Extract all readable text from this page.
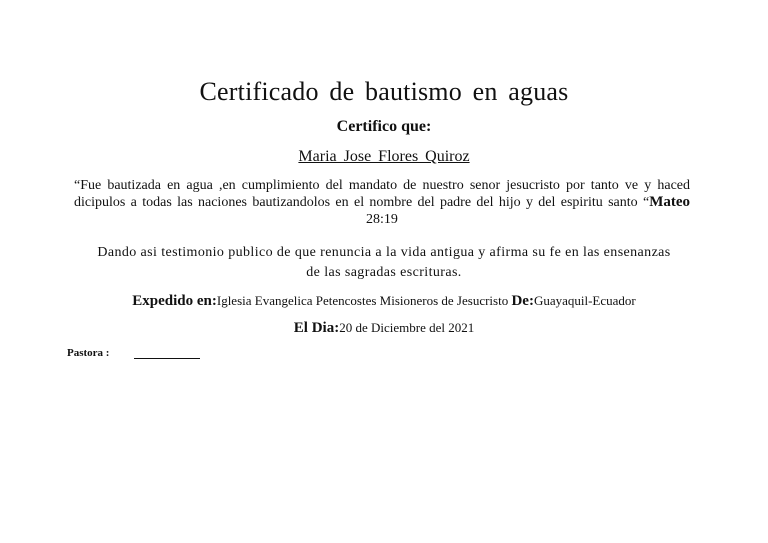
Certificado de bautismo en aguas
Certifico que:
Maria Jose Flores Quiroz
“Fue bautizada en agua ,en cumplimiento del mandato de nuestro senor jesucristo por tanto ve y haced dicipulos a todas las naciones bautizandolos en el nombre del padre del hijo y del espiritu santo “Mateo 28:19
Dando asi testimonio publico de que renuncia a la vida antigua y afirma su fe en las ensenanzas de las sagradas escrituras.
Expedido en:Iglesia Evangelica Petencostes Misioneros de Jesucristo De:Guayaquil-Ecuador
El Dia:20 de Diciembre del 2021
Pastora :
